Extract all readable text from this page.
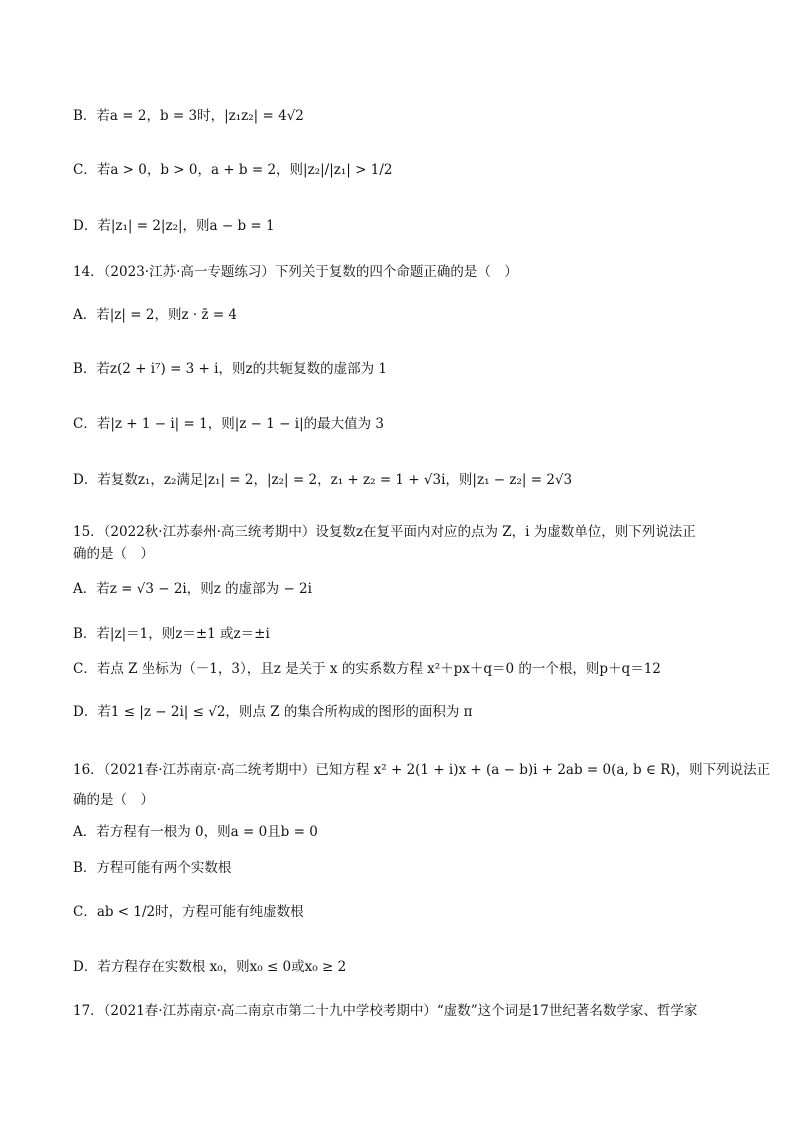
B．若a = 2，b = 3时，|z₁z₂| = 4√2
C．若a > 0，b > 0，a + b = 2，则|z₂|/|z₁| > 1/2
D．若|z₁| = 2|z₂|，则a − b = 1
14．（2023·江苏·高一专题练习）下列关于复数的四个命题正确的是（　）
A．若|z| = 2，则z · z̄ = 4
B．若z(2 + i⁷) = 3 + i，则z的共轭复数的虚部为 1
C．若|z + 1 − i| = 1，则|z − 1 − i|的最大值为 3
D．若复数z₁，z₂满足|z₁| = 2，|z₂| = 2，z₁ + z₂ = 1 + √3i，则|z₁ − z₂| = 2√3
15．（2022秋·江苏泰州·高三统考期中）设复数z在复平面内对应的点为 Z，i 为虚数单位，则下列说法正
确的是（　）
A．若z = √3 − 2i，则z 的虚部为 − 2i
B．若|z|＝1，则z＝±1 或z＝±i
C．若点 Z 坐标为（－1，3），且z 是关于 x 的实系数方程 x²＋px＋q＝0 的一个根，则p＋q＝12
D．若1 ≤ |z − 2i| ≤ √2，则点 Z 的集合所构成的图形的面积为 π
16．（2021春·江苏南京·高二统考期中）已知方程 x² + 2(1 + i)x + (a − b)i + 2ab = 0(a, b ∈ R)，则下列说法正
确的是（　）
A．若方程有一根为 0，则a = 0且b = 0
B．方程可能有两个实数根
C．ab < 1/2时，方程可能有纯虚数根
D．若方程存在实数根 x₀，则x₀ ≤ 0或x₀ ≥ 2
17．（2021春·江苏南京·高二南京市第二十九中学校考期中）“虚数”这个词是17世纪著名数学家、哲学家
